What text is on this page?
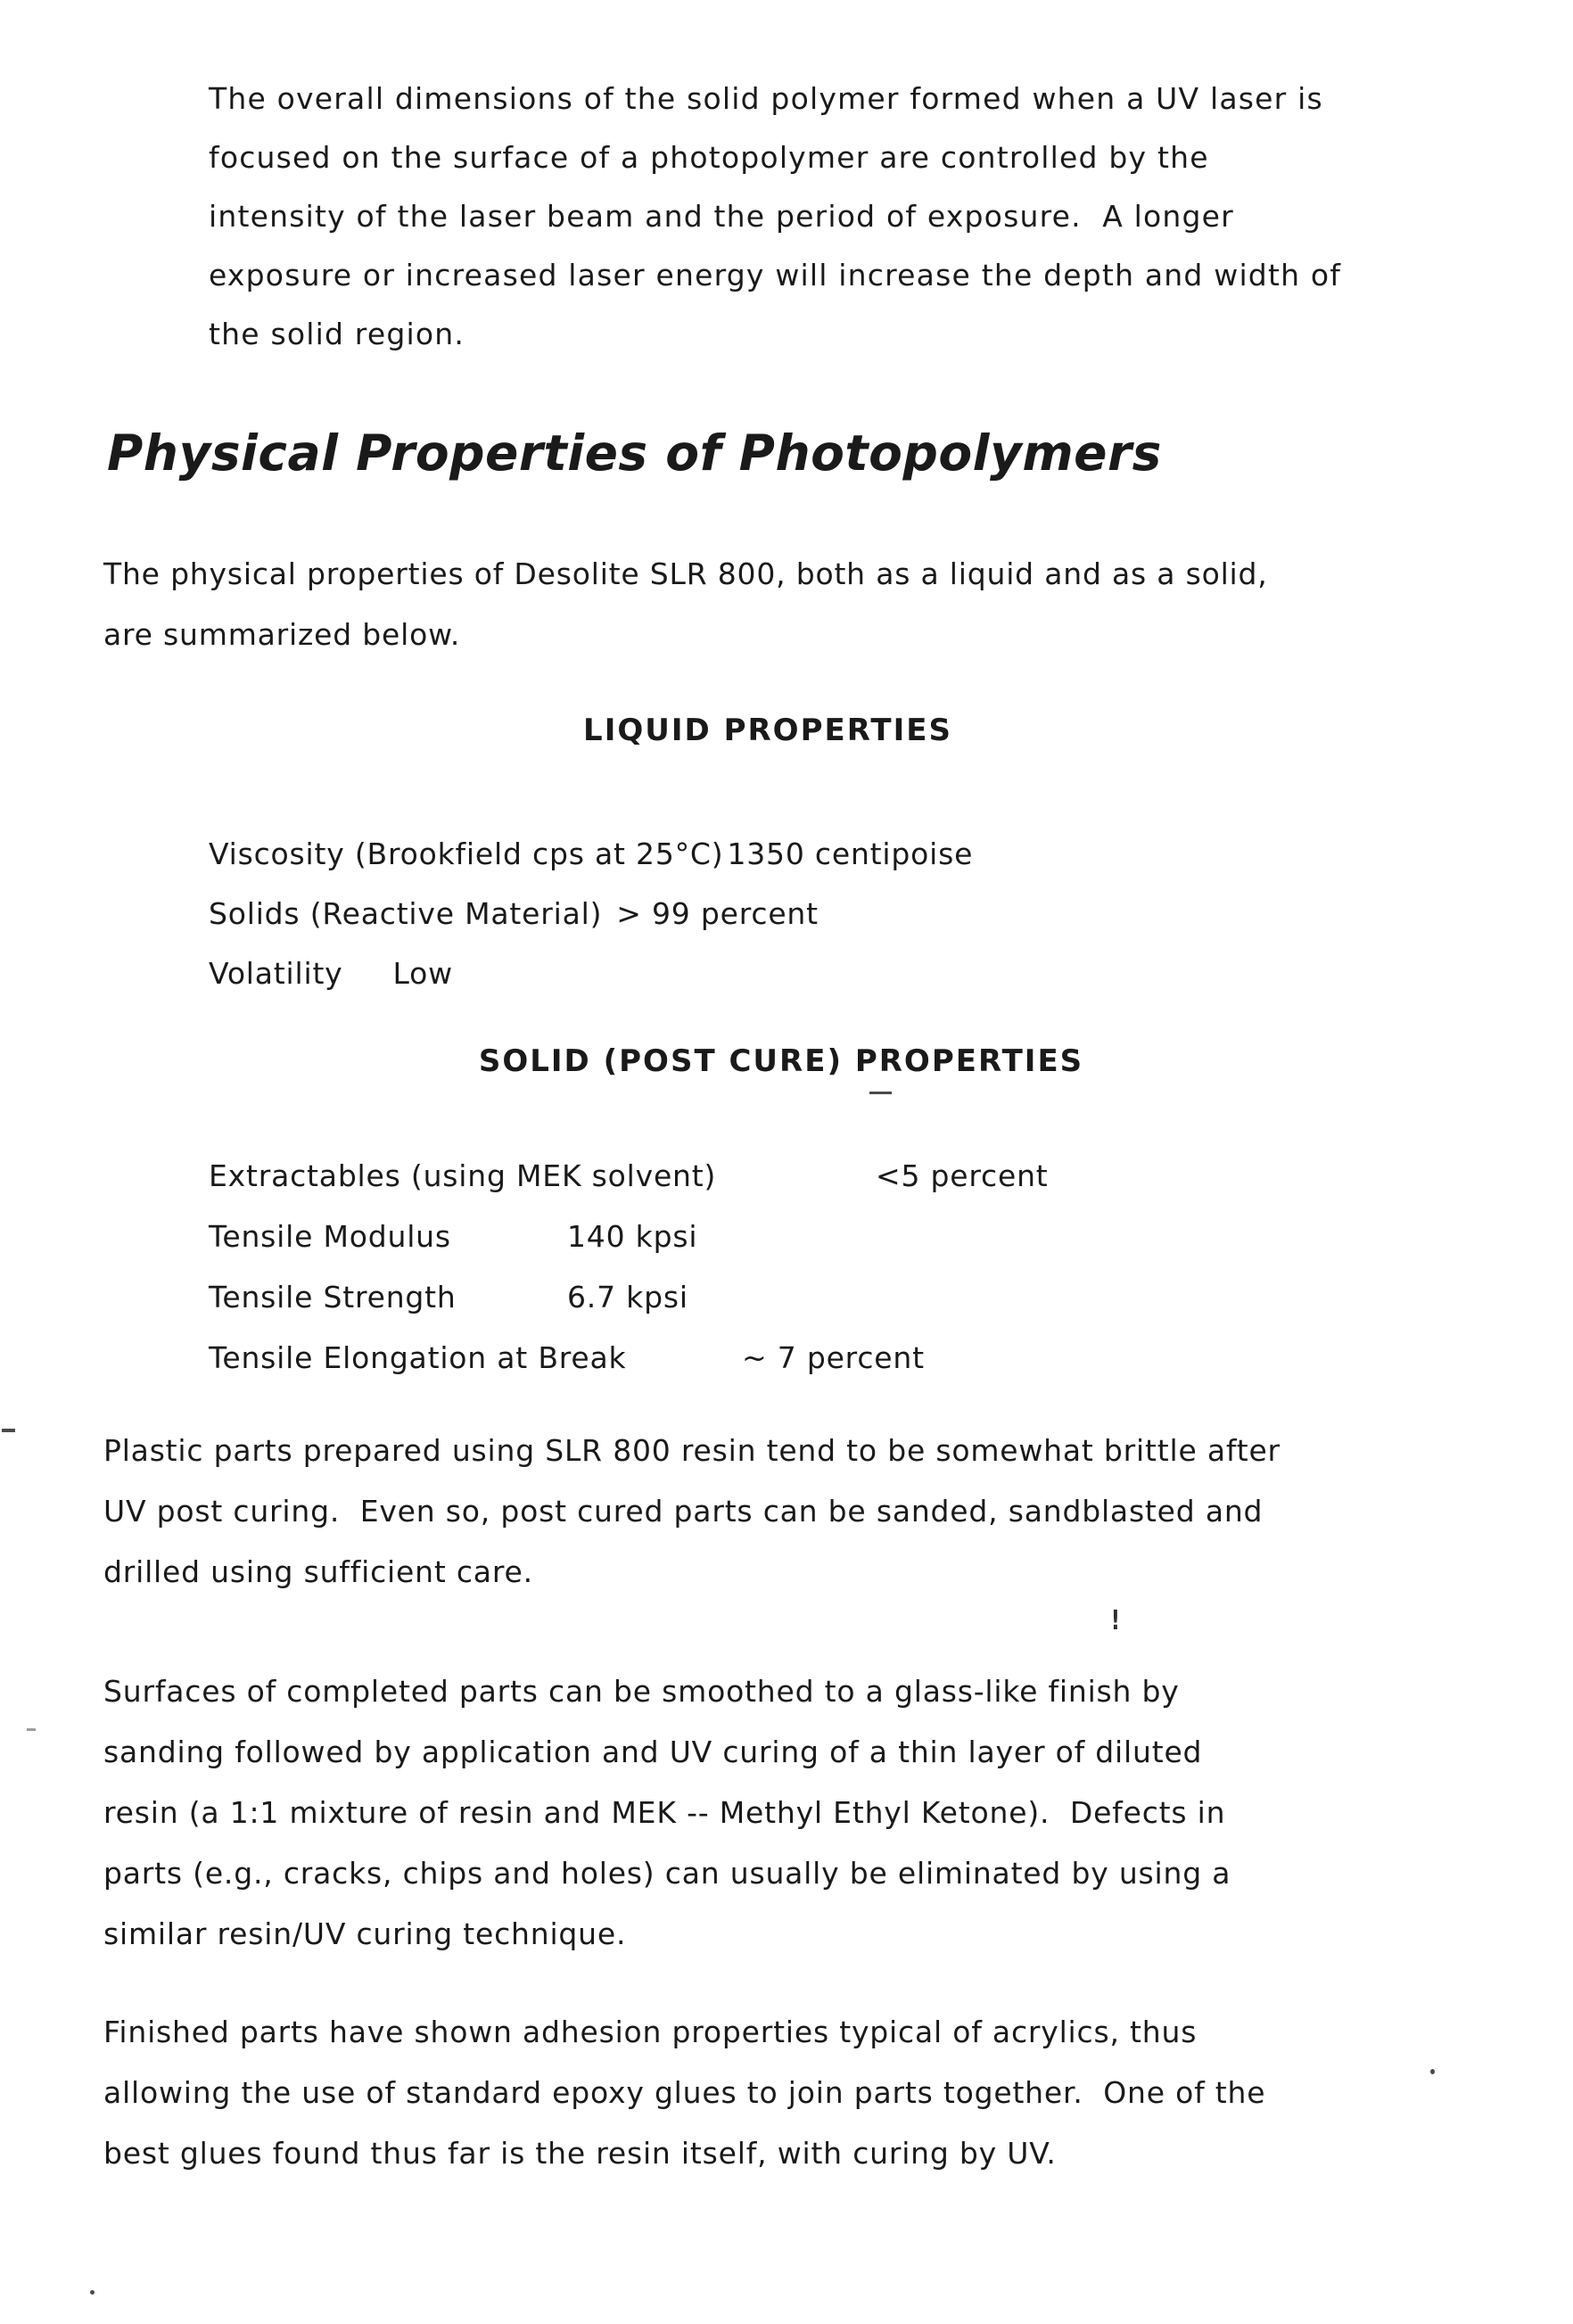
The overall dimensions of the solid polymer formed when a UV laser is
focused on the surface of a photopolymer are controlled by the
intensity of the laser beam and the period of exposure.  A longer
exposure or increased laser energy will increase the depth and width of
the solid region.
Physical Properties of Photopolymers
The physical properties of Desolite SLR 800, both as a liquid and as a solid,
are summarized below.
LIQUID PROPERTIES
Viscosity (Brookfield cps at 25°C) 1350 centipoise
Solids (Reactive Material) > 99 percent
Volatility Low
SOLID (POST CURE) PROPERTIES
Extractables (using MEK solvent)	<5 percent
Tensile Modulus	140 kpsi
Tensile Strength	6.7 kpsi
Tensile Elongation at Break	~ 7 percent
Plastic parts prepared using SLR 800 resin tend to be somewhat brittle after
UV post curing.  Even so, post cured parts can be sanded, sandblasted and
drilled using sufficient care.
Surfaces of completed parts can be smoothed to a glass-like finish by
sanding followed by application and UV curing of a thin layer of diluted
resin (a 1:1 mixture of resin and MEK -- Methyl Ethyl Ketone).  Defects in
parts (e.g., cracks, chips and holes) can usually be eliminated by using a
similar resin/UV curing technique.
Finished parts have shown adhesion properties typical of acrylics, thus
allowing the use of standard epoxy glues to join parts together.  One of the
best glues found thus far is the resin itself, with curing by UV.
!
